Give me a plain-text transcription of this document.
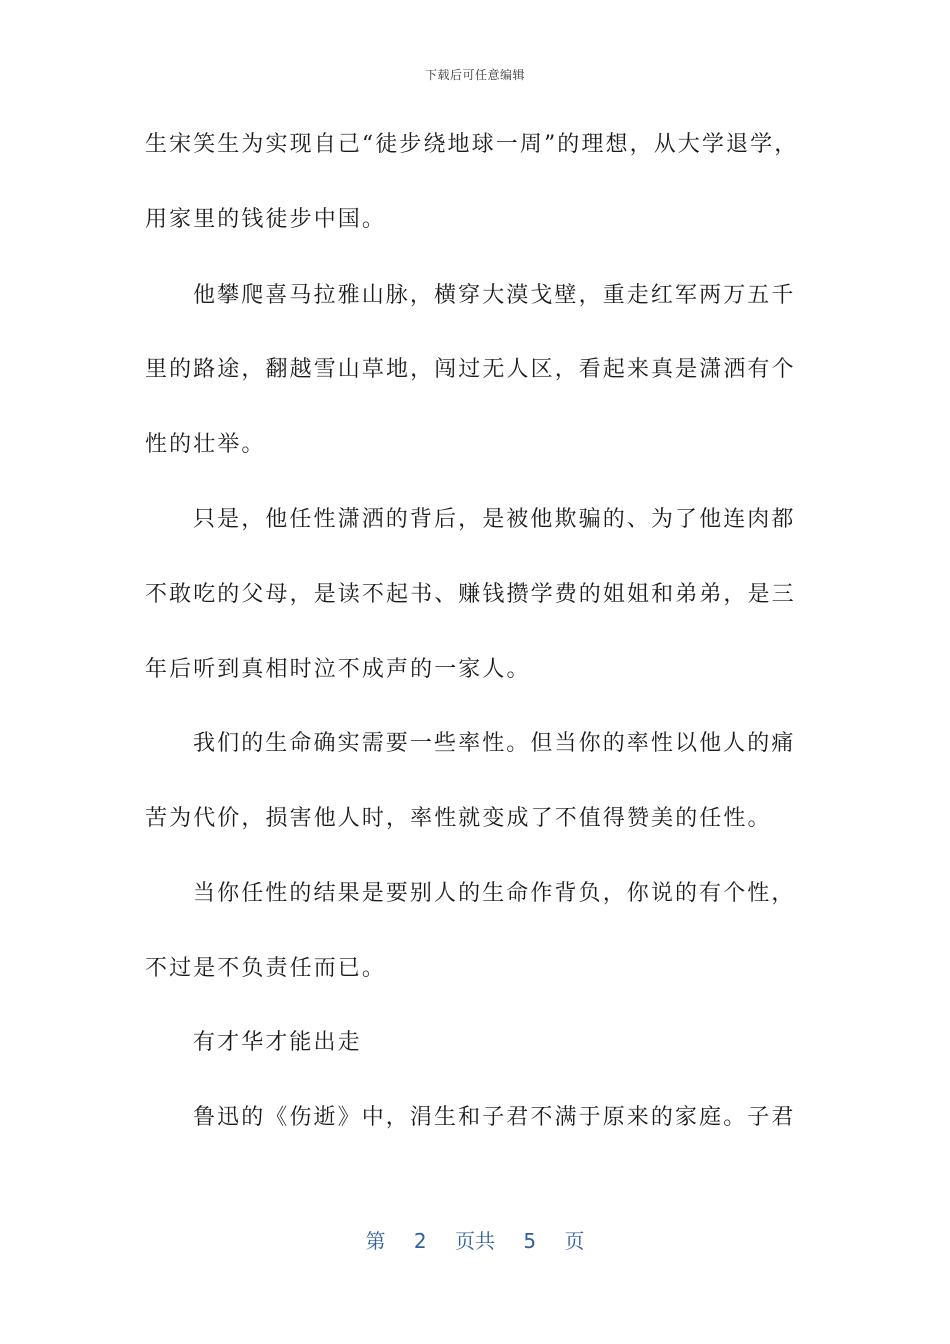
下载后可任意编辑
生宋笑生为实现自己“徒步绕地球一周”的理想，从大学退学，
用家里的钱徒步中国。
他攀爬喜马拉雅山脉，横穿大漠戈壁，重走红军两万五千
里的路途，翻越雪山草地，闯过无人区，看起来真是潇洒有个
性的壮举。
只是，他任性潇洒的背后，是被他欺骗的、为了他连肉都
不敢吃的父母，是读不起书、赚钱攒学费的姐姐和弟弟，是三
年后听到真相时泣不成声的一家人。
我们的生命确实需要一些率性。但当你的率性以他人的痛
苦为代价，损害他人时，率性就变成了不值得赞美的任性。
当你任性的结果是要别人的生命作背负，你说的有个性，
不过是不负责任而已。
有才华才能出走
鲁迅的《伤逝》中，涓生和子君不满于原来的家庭。子君
第 2 页共 5 页
